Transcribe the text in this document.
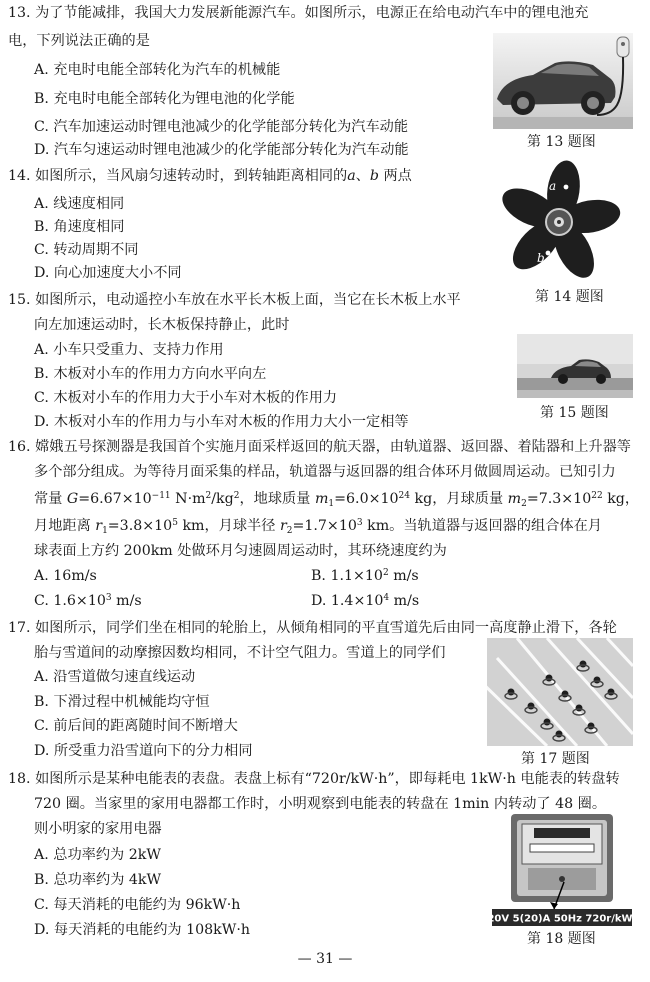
13. 为了节能减排，我国大力发展新能源汽车。如图所示，电源正在给电动汽车中的锂电池充
电，下列说法正确的是
A. 充电时电能全部转化为汽车的机械能
B. 充电时电能全部转化为锂电池的化学能
C. 汽车加速运动时锂电池减少的化学能部分转化为汽车动能
D. 汽车匀速运动时锂电池减少的化学能部分转化为汽车动能	第 13 题图
14. 如图所示，当风扇匀速转动时，到转轴距离相同的a、b 两点
A. 线速度相同
B. 角速度相同
C. 转动周期不同
D. 向心加速度大小不同
a
b
第 14 题图
15. 如图所示，电动遥控小车放在水平长木板上面，当它在长木板上水平
向左加速运动时，长木板保持静止，此时
A. 小车只受重力、支持力作用
B. 木板对小车的作用力方向水平向左
C. 木板对小车的作用力大于小车对木板的作用力
D. 木板对小车的作用力与小车对木板的作用力大小一定相等
第 15 题图
16. 嫦娥五号探测器是我国首个实施月面采样返回的航天器，由轨道器、返回器、着陆器和上升器等
多个部分组成。为等待月面采集的样品，轨道器与返回器的组合体环月做圆周运动。已知引力
常量 $G=6.67\times 10^{-11}$ $N\cdot m^2/kg^2$，地球质量 $m_1=6.0\times 10^{24}$ kg，月球质量 $m_2=7.3\times 10^{22}$ kg，
月地距离 $r_1=3.8\times 10^5$ km，月球半径 $r_2=1.7\times 10^3$ km。当轨道器与返回器的组合体在月
球表面上方约 200km 处做环月匀速圆周运动时，其环绕速度约为
A. 16m/s	B. $1.1\times 10^2$ m/s
C. $1.6\times 10^3$ m/s	D. $1.4\times 10^4$ m/s
17. 如图所示，同学们坐在相同的轮胎上，从倾角相同的平直雪道先后由同一高度静止滑下，各轮
胎与雪道间的动摩擦因数均相同，不计空气阻力。雪道上的同学们
A. 沿雪道做匀速直线运动
B. 下滑过程中机械能均守恒
C. 前后间的距离随时间不断增大
D. 所受重力沿雪道向下的分力相同	第 17 题图
18. 如图所示是某种电能表的表盘。表盘上标有“720r/kW·h”，即每耗电 1kW·h 电能表的转盘转
720 圈。当家里的家用电器都工作时，小明观察到电能表的转盘在 1min 内转动了 48 圈。
则小明家的家用电器
A. 总功率约为 2kW
B. 总功率约为 4kW
C. 每天消耗的电能约为 96kW·h
D. 每天消耗的电能约为 108kW·h
220V 5(20)A 50Hz 720r/kW·h
第 18 题图
— 31 —
